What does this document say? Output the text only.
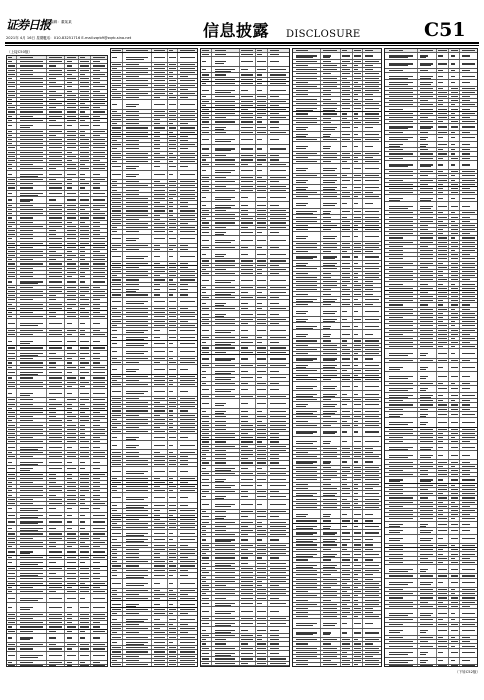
证券日报
责任编辑：董某某
2021年 4月 16日 星期五
电话：010-83251716 E-mail:zqrb9@zqrb.sina.net	信息披露 DISCLOSURE	C51
（上接C50版）
（下转C52版）
